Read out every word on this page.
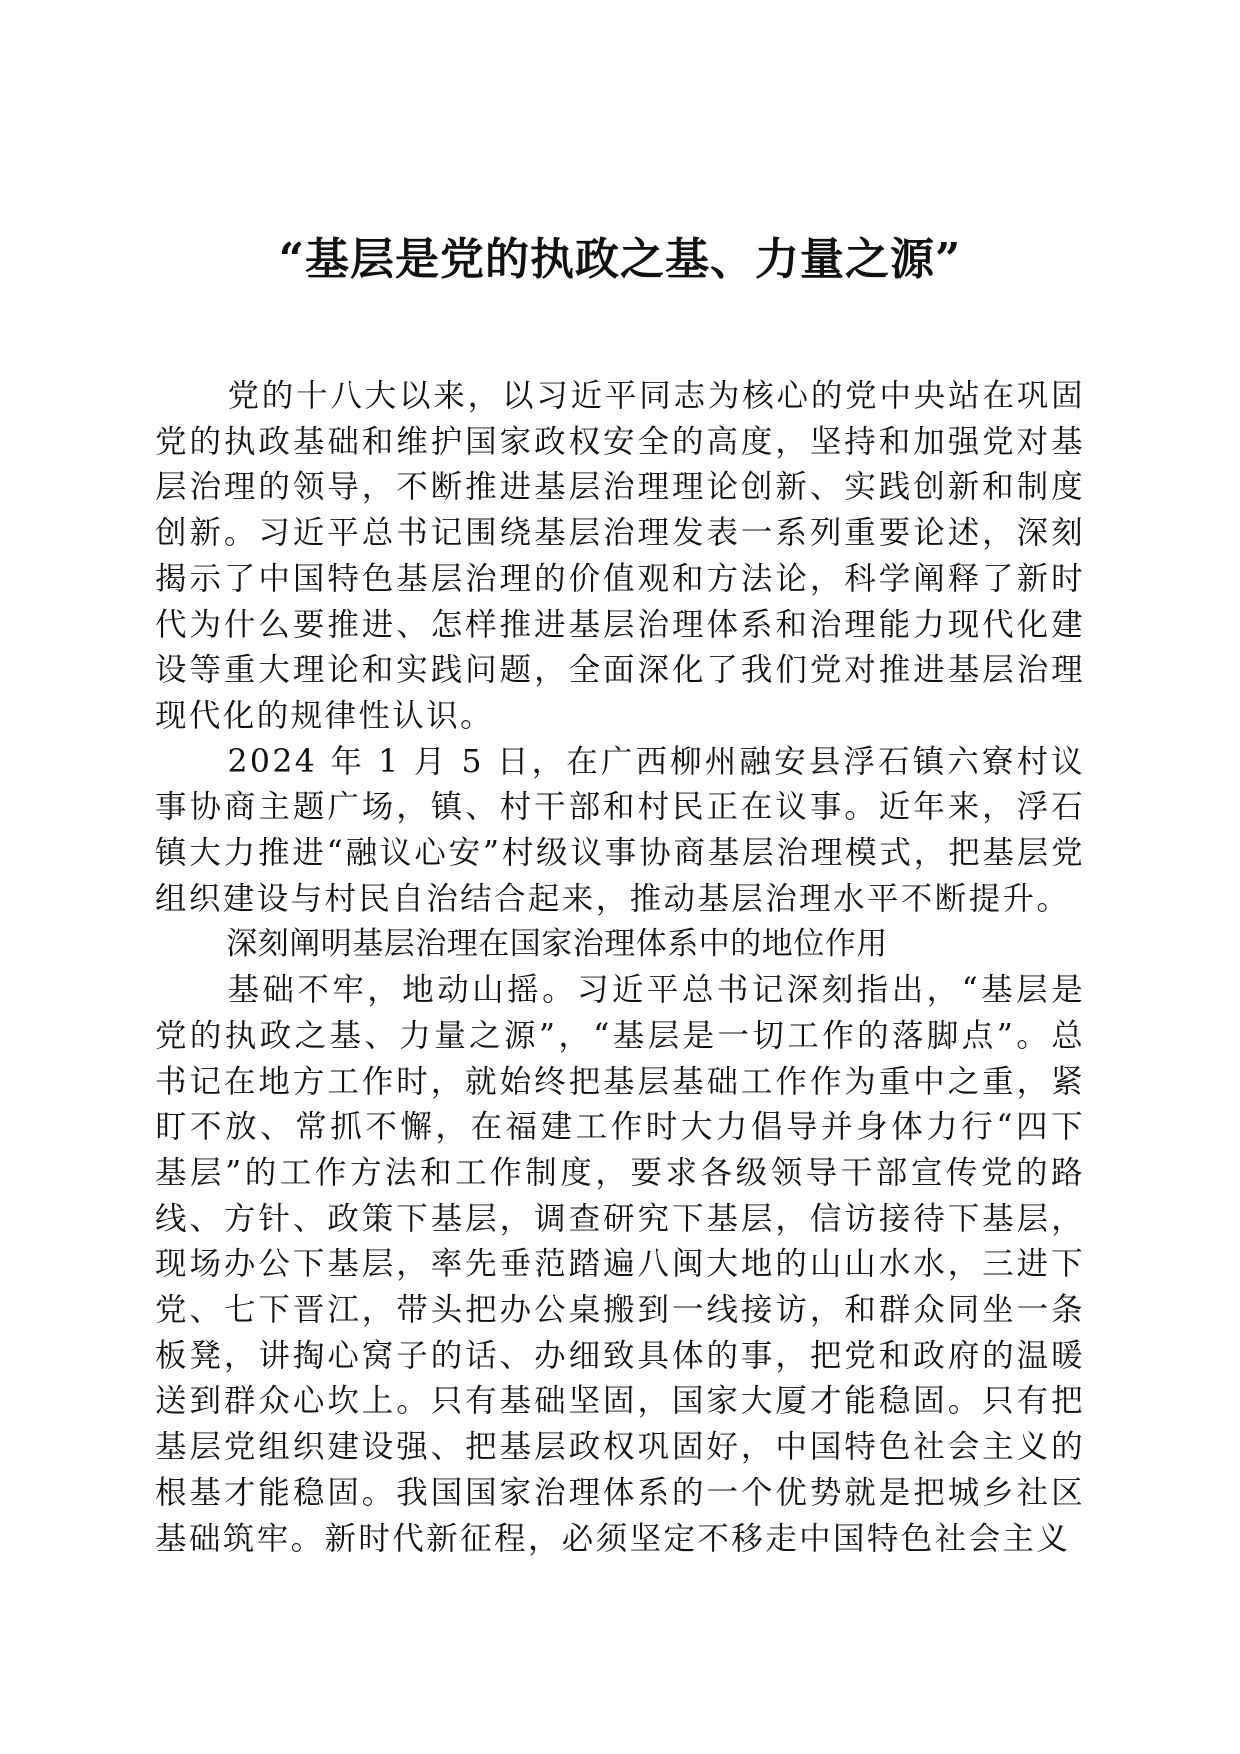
“基层是党的执政之基、力量之源”

党的十八大以来，以习近平同志为核心的党中央站在巩固党的执政基础和维护国家政权安全的高度，坚持和加强党对基层治理的领导，不断推进基层治理理论创新、实践创新和制度创新。习近平总书记围绕基层治理发表一系列重要论述，深刻揭示了中国特色基层治理的价值观和方法论，科学阐释了新时代为什么要推进、怎样推进基层治理体系和治理能力现代化建设等重大理论和实践问题，全面深化了我们党对推进基层治理现代化的规律性认识。

2024 年 1 月 5 日，在广西柳州融安县浮石镇六寮村议事协商主题广场，镇、村干部和村民正在议事。近年来，浮石镇大力推进“融议心安”村级议事协商基层治理模式，把基层党组织建设与村民自治结合起来，推动基层治理水平不断提升。

深刻阐明基层治理在国家治理体系中的地位作用

基础不牢，地动山摇。习近平总书记深刻指出，“基层是党的执政之基、力量之源”，“基层是一切工作的落脚点”。总书记在地方工作时，就始终把基层基础工作作为重中之重，紧盯不放、常抓不懈，在福建工作时大力倡导并身体力行“四下基层”的工作方法和工作制度，要求各级领导干部宣传党的路线、方针、政策下基层，调查研究下基层，信访接待下基层，现场办公下基层，率先垂范踏遍八闽大地的山山水水，三进下党、七下晋江，带头把办公桌搬到一线接访，和群众同坐一条板凳，讲掏心窝子的话、办细致具体的事，把党和政府的温暖送到群众心坎上。只有基础坚固，国家大厦才能稳固。只有把基层党组织建设强、把基层政权巩固好，中国特色社会主义的根基才能稳固。我国国家治理体系的一个优势就是把城乡社区基础筑牢。新时代新征程，必须坚定不移走中国特色社会主义
